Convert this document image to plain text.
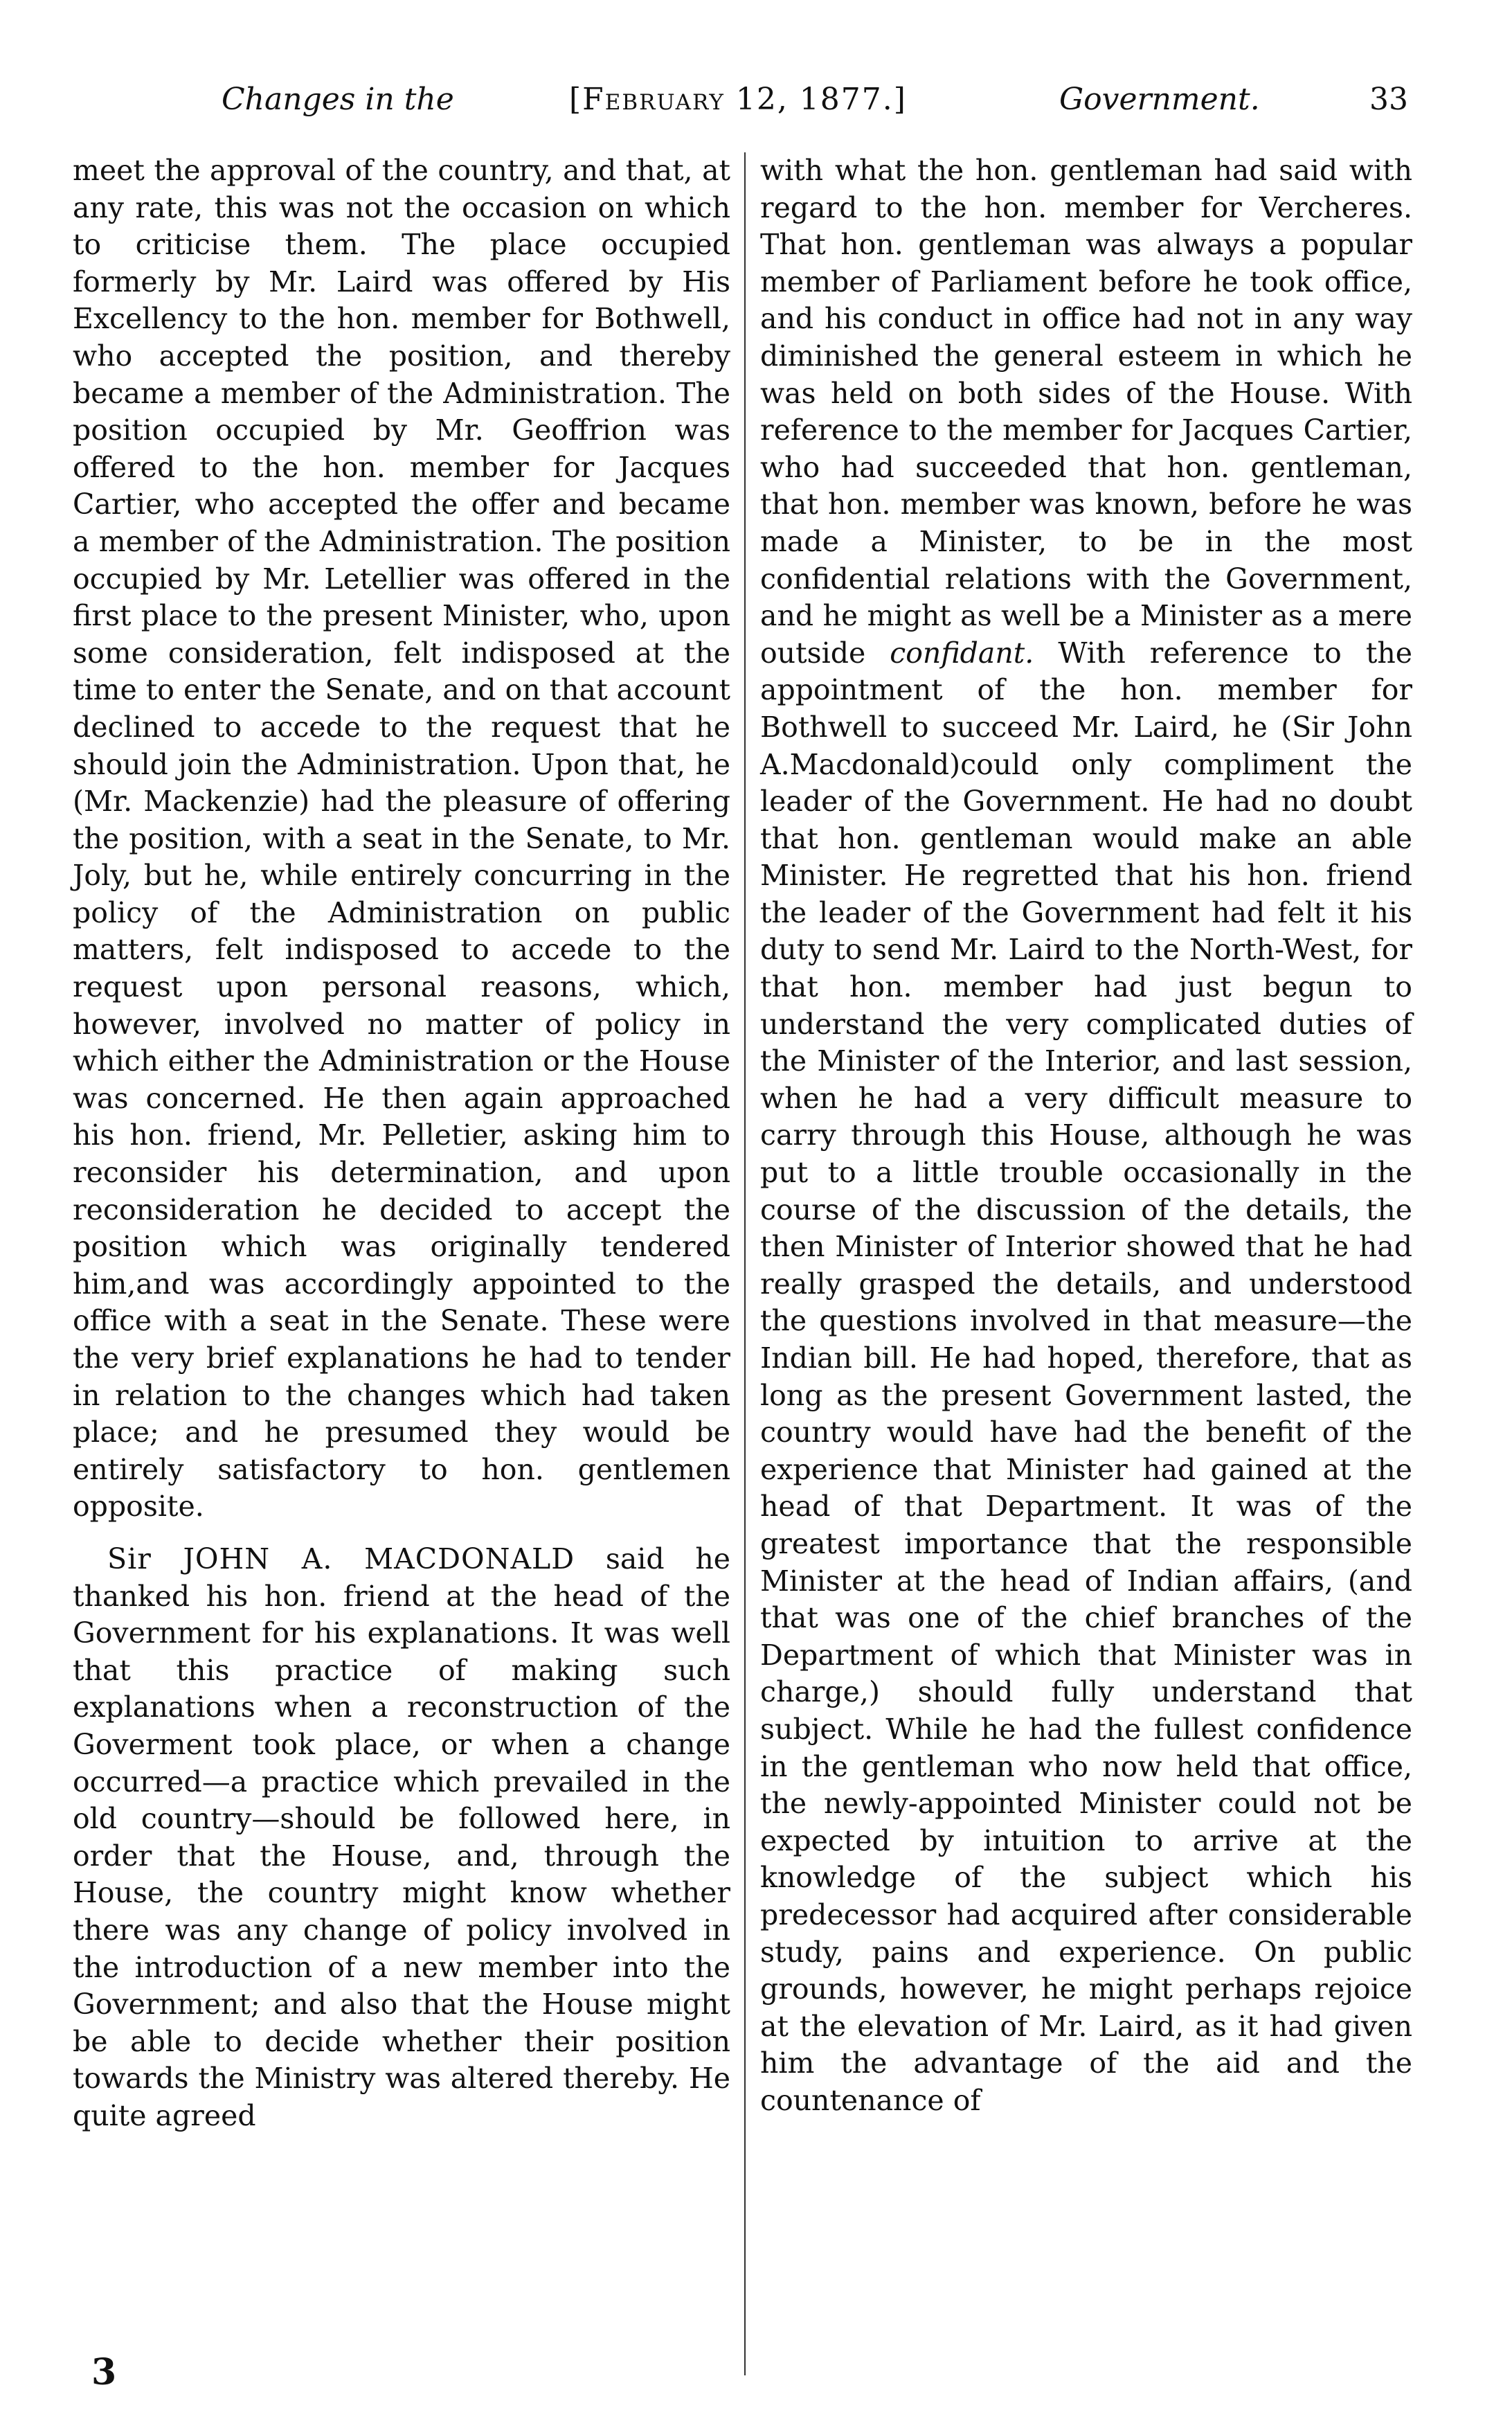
Changes in the	[February 12, 1877.]	Government.	33

meet the approval of the country, and that, at any rate, this was not the occasion on which to criticise them. The place occupied formerly by Mr. Laird was offered by His Excellency to the hon. member for Bothwell, who accepted the position, and thereby became a member of the Administration. The position occupied by Mr. Geoffrion was offered to the hon. member for Jacques Cartier, who accepted the offer and became a member of the Administration. The position occupied by Mr. Letellier was offered in the first place to the present Minister, who, upon some consideration, felt indisposed at the time to enter the Senate, and on that account declined to accede to the request that he should join the Administration. Upon that, he (Mr. Mackenzie) had the pleasure of offering the position, with a seat in the Senate, to Mr. Joly, but he, while entirely concurring in the policy of the Administration on public matters, felt indisposed to accede to the request upon personal reasons, which, however, involved no matter of policy in which either the Administration or the House was concerned. He then again approached his hon. friend, Mr. Pelletier, asking him to reconsider his determination, and upon reconsideration he decided to accept the position which was originally tendered him,and was accordingly appointed to the office with a seat in the Senate. These were the very brief explanations he had to tender in relation to the changes which had taken place; and he presumed they would be entirely satisfactory to hon. gentlemen opposite.

Sir JOHN A. MACDONALD said he thanked his hon. friend at the head of the Government for his explanations. It was well that this practice of making such explanations when a reconstruction of the Goverment took place, or when a change occurred—a practice which prevailed in the old country—should be followed here, in order that the House, and, through the House, the country might know whether there was any change of policy involved in the introduction of a new member into the Government; and also that the House might be able to decide whether their position towards the Ministry was altered thereby. He quite agreed

with what the hon. gentleman had said with regard to the hon. member for Vercheres. That hon. gentleman was always a popular member of Parliament before he took office, and his conduct in office had not in any way diminished the general esteem in which he was held on both sides of the House. With reference to the member for Jacques Cartier, who had succeeded that hon. gentleman, that hon. member was known, before he was made a Minister, to be in the most confidential relations with the Government, and he might as well be a Minister as a mere outside confidant. With reference to the appointment of the hon. member for Bothwell to succeed Mr. Laird, he (Sir John A.Macdonald)could only compliment the leader of the Government. He had no doubt that hon. gentleman would make an able Minister. He regretted that his hon. friend the leader of the Government had felt it his duty to send Mr. Laird to the North-West, for that hon. member had just begun to understand the very complicated duties of the Minister of the Interior, and last session, when he had a very difficult measure to carry through this House, although he was put to a little trouble occasionally in the course of the discussion of the details, the then Minister of Interior showed that he had really grasped the details, and understood the questions involved in that measure—the Indian bill. He had hoped, therefore, that as long as the present Government lasted, the country would have had the benefit of the experience that Minister had gained at the head of that Department. It was of the greatest importance that the responsible Minister at the head of Indian affairs, (and that was one of the chief branches of the Department of which that Minister was in charge,) should fully understand that subject. While he had the fullest confidence in the gentleman who now held that office, the newly-appointed Minister could not be expected by intuition to arrive at the knowledge of the subject which his predecessor had acquired after considerable study, pains and experience. On public grounds, however, he might perhaps rejoice at the elevation of Mr. Laird, as it had given him the advantage of the aid and the countenance of

3
